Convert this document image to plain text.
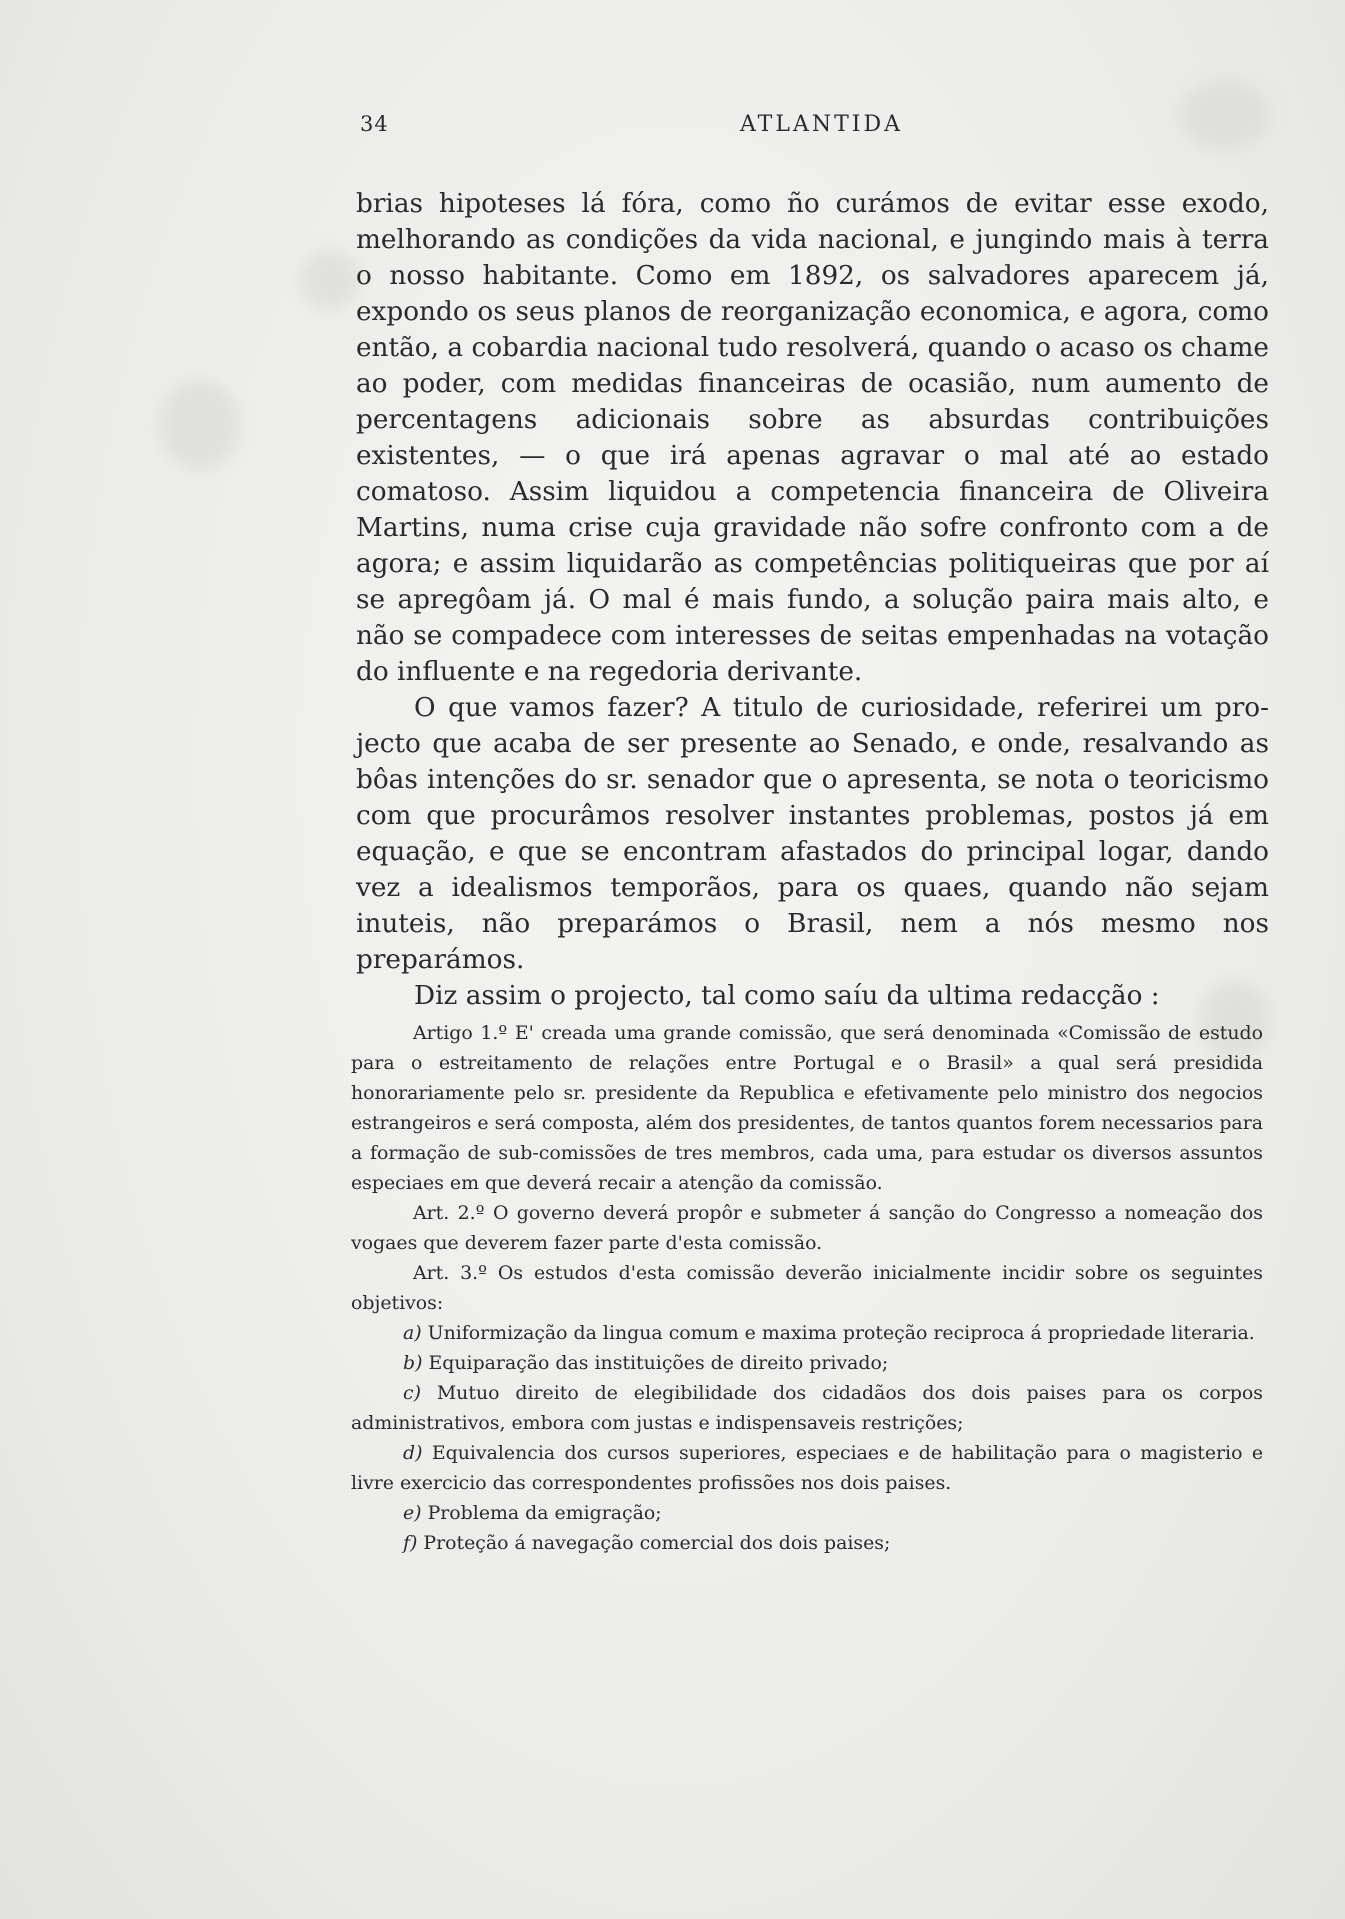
34	ATLANTIDA

brias hipoteses lá fóra, como ño curámos de evitar esse exodo, melhorando as condições da vida nacional, e jungindo mais à terra o nosso habitante. Como em 1892, os salvadores aparecem já, expondo os seus planos de reorganização economica, e agora, como então, a cobardia nacional tudo resolverá, quando o acaso os chame ao poder, com medidas financeiras de ocasião, num aumento de percentagens adicionais sobre as absurdas contribuições existentes, — o que irá apenas agravar o mal até ao estado comatoso. Assim liquidou a competencia financeira de Oliveira Martins, numa crise cuja gravidade não sofre confronto com a de agora; e assim liquidarão as competências politiqueiras que por aí se apregôam já. O mal é mais fundo, a solução paira mais alto, e não se compadece com interesses de seitas empenhadas na votação do influente e na regedoria derivante.

O que vamos fazer? A titulo de curiosidade, referirei um projecto que acaba de ser presente ao Senado, e onde, resalvando as bôas intenções do sr. senador que o apresenta, se nota o teoricismo com que procurâmos resolver instantes problemas, postos já em equação, e que se encontram afastados do principal logar, dando vez a idealismos temporãos, para os quaes, quando não sejam inuteis, não preparámos o Brasil, nem a nós mesmo nos preparámos.

Diz assim o projecto, tal como saíu da ultima redacção :

Artigo 1.º E' creada uma grande comissão, que será denominada «Comissão de estudo para o estreitamento de relações entre Portugal e o Brasil» a qual será presidida honorariamente pelo sr. presidente da Republica e efetivamente pelo ministro dos negocios estrangeiros e será composta, além dos presidentes, de tantos quantos forem necessarios para a formação de sub-comissões de tres membros, cada uma, para estudar os diversos assuntos especiaes em que deverá recair a atenção da comissão.

Art. 2.º O governo deverá propôr e submeter á sanção do Congresso a nomeação dos vogaes que deverem fazer parte d'esta comissão.

Art. 3.º Os estudos d'esta comissão deverão inicialmente incidir sobre os seguintes objetivos:

a) Uniformização da lingua comum e maxima proteção reciproca á propriedade literaria.

b) Equiparação das instituições de direito privado;

c) Mutuo direito de elegibilidade dos cidadãos dos dois paises para os corpos administrativos, embora com justas e indispensaveis restrições;

d) Equivalencia dos cursos superiores, especiaes e de habilitação para o magisterio e livre exercicio das correspondentes profissões nos dois paises.

e) Problema da emigração;

f) Proteção á navegação comercial dos dois paises;
